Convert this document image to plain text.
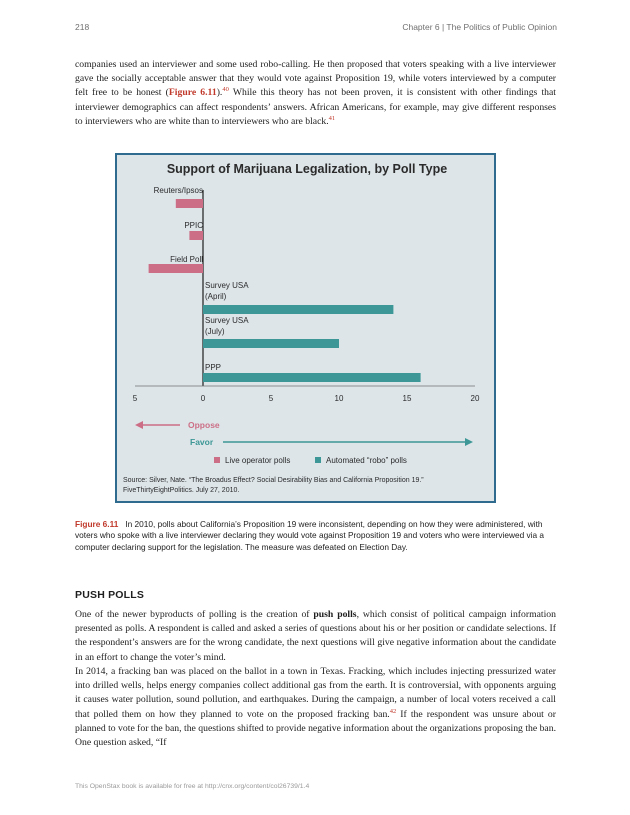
218	Chapter 6 | The Politics of Public Opinion

companies used an interviewer and some used robo-calling. He then proposed that voters speaking with a live interviewer gave the socially acceptable answer that they would vote against Proposition 19, while voters interviewed by a computer felt free to be honest (Figure 6.11).$^{40}$ While this theory has not been proven, it is consistent with other findings that interviewer demographics can affect respondents’ answers. African Americans, for example, may give different responses to interviewers who are white than to interviewers who are black.$^{41}$

Support of Marijuana Legalization, by Poll Type
Reuters/Ipsos
PPIC
Field Poll
Survey USA
(April)
Survey USA
(July)
PPP
5	0	5	10	15	20
Oppose
Favor
Live operator polls	Automated “robo” polls
Source: Silver, Nate. “The Broadus Effect? Social Desirability Bias and California Proposition 19.”
FiveThirtyEightPolitics. July 27, 2010.

Figure 6.11 In 2010, polls about California’s Proposition 19 were inconsistent, depending on how they were administered, with voters who spoke with a live interviewer declaring they would vote against Proposition 19 and voters who were interviewed via a computer declaring support for the legislation. The measure was defeated on Election Day.

PUSH POLLS

One of the newer byproducts of polling is the creation of push polls, which consist of political campaign information presented as polls. A respondent is called and asked a series of questions about his or her position or candidate selections. If the respondent’s answers are for the wrong candidate, the next questions will give negative information about the candidate in an effort to change the voter’s mind.

In 2014, a fracking ban was placed on the ballot in a town in Texas. Fracking, which includes injecting pressurized water into drilled wells, helps energy companies collect additional gas from the earth. It is controversial, with opponents arguing it causes water pollution, sound pollution, and earthquakes. During the campaign, a number of local voters received a call that polled them on how they planned to vote on the proposed fracking ban.$^{42}$ If the respondent was unsure about or planned to vote for the ban, the questions shifted to provide negative information about the organizations proposing the ban. One question asked, “If

This OpenStax book is available for free at http://cnx.org/content/col26739/1.4
